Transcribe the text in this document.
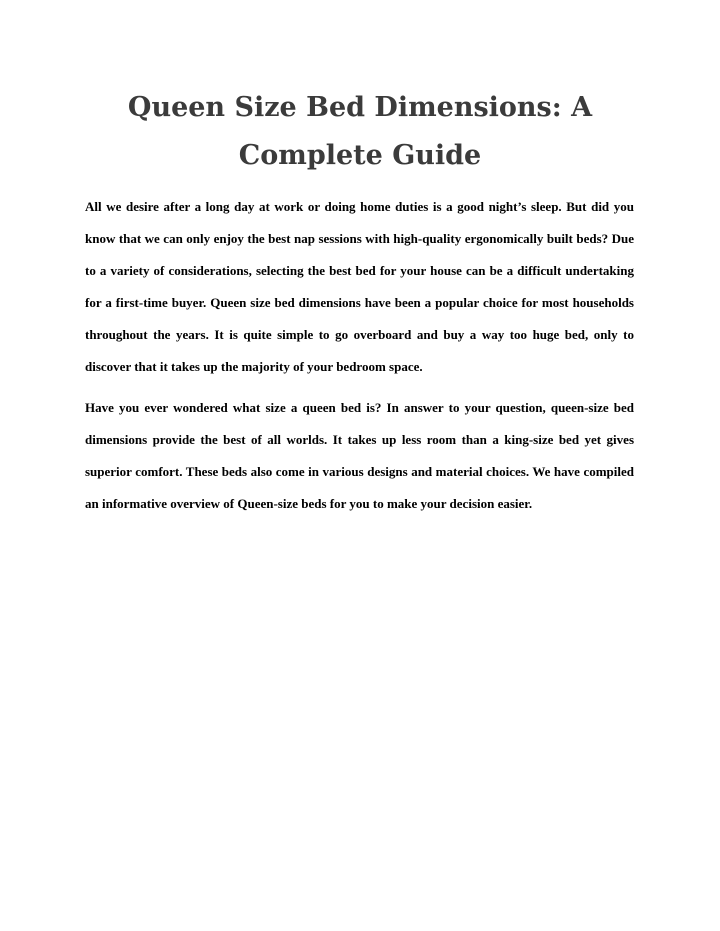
Queen Size Bed Dimensions: A Complete Guide

All we desire after a long day at work or doing home duties is a good night’s sleep. But did you know that we can only enjoy the best nap sessions with high-quality ergonomically built beds? Due to a variety of considerations, selecting the best bed for your house can be a difficult undertaking for a first-time buyer. Queen size bed dimensions have been a popular choice for most households throughout the years. It is quite simple to go overboard and buy a way too huge bed, only to discover that it takes up the majority of your bedroom space.

Have you ever wondered what size a queen bed is? In answer to your question, queen-size bed dimensions provide the best of all worlds. It takes up less room than a king-size bed yet gives superior comfort. These beds also come in various designs and material choices. We have compiled an informative overview of Queen-size beds for you to make your decision easier.
